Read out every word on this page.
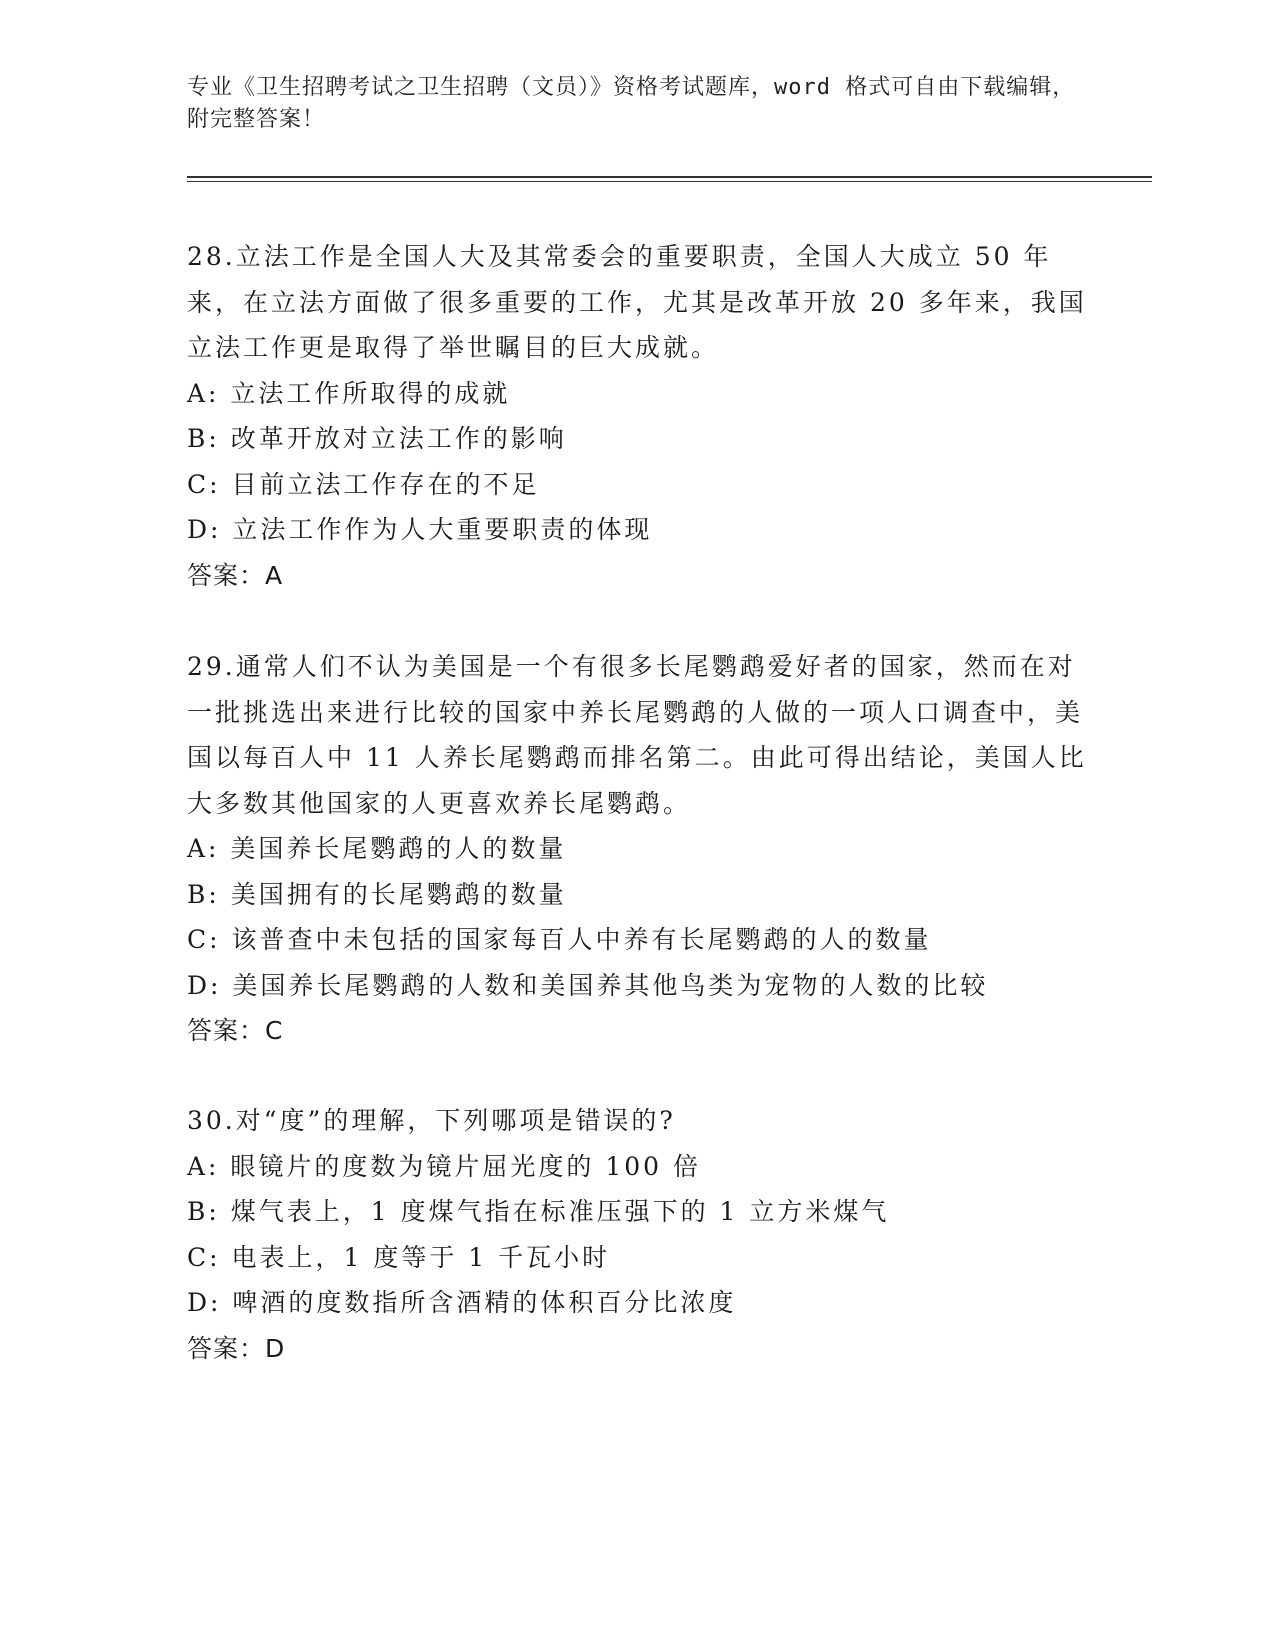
专业《卫生招聘考试之卫生招聘（文员）》资格考试题库，word 格式可自由下载编辑，附完整答案！

28.立法工作是全国人大及其常委会的重要职责，全国人大成立 50 年来，在立法方面做了很多重要的工作，尤其是改革开放 20 多年来，我国立法工作更是取得了举世瞩目的巨大成就。

A: 立法工作所取得的成就

B: 改革开放对立法工作的影响

C: 目前立法工作存在的不足

D: 立法工作作为人大重要职责的体现

答案：A

29.通常人们不认为美国是一个有很多长尾鹦鹉爱好者的国家，然而在对一批挑选出来进行比较的国家中养长尾鹦鹉的人做的一项人口调查中，美国以每百人中 11 人养长尾鹦鹉而排名第二。由此可得出结论，美国人比大多数其他国家的人更喜欢养长尾鹦鹉。

A: 美国养长尾鹦鹉的人的数量

B: 美国拥有的长尾鹦鹉的数量

C: 该普查中未包括的国家每百人中养有长尾鹦鹉的人的数量

D: 美国养长尾鹦鹉的人数和美国养其他鸟类为宠物的人数的比较

答案：C

30.对“度”的理解，下列哪项是错误的?

A: 眼镜片的度数为镜片屈光度的 100 倍

B: 煤气表上，1 度煤气指在标准压强下的 1 立方米煤气

C: 电表上，1 度等于 1 千瓦小时

D: 啤酒的度数指所含酒精的体积百分比浓度

答案：D
